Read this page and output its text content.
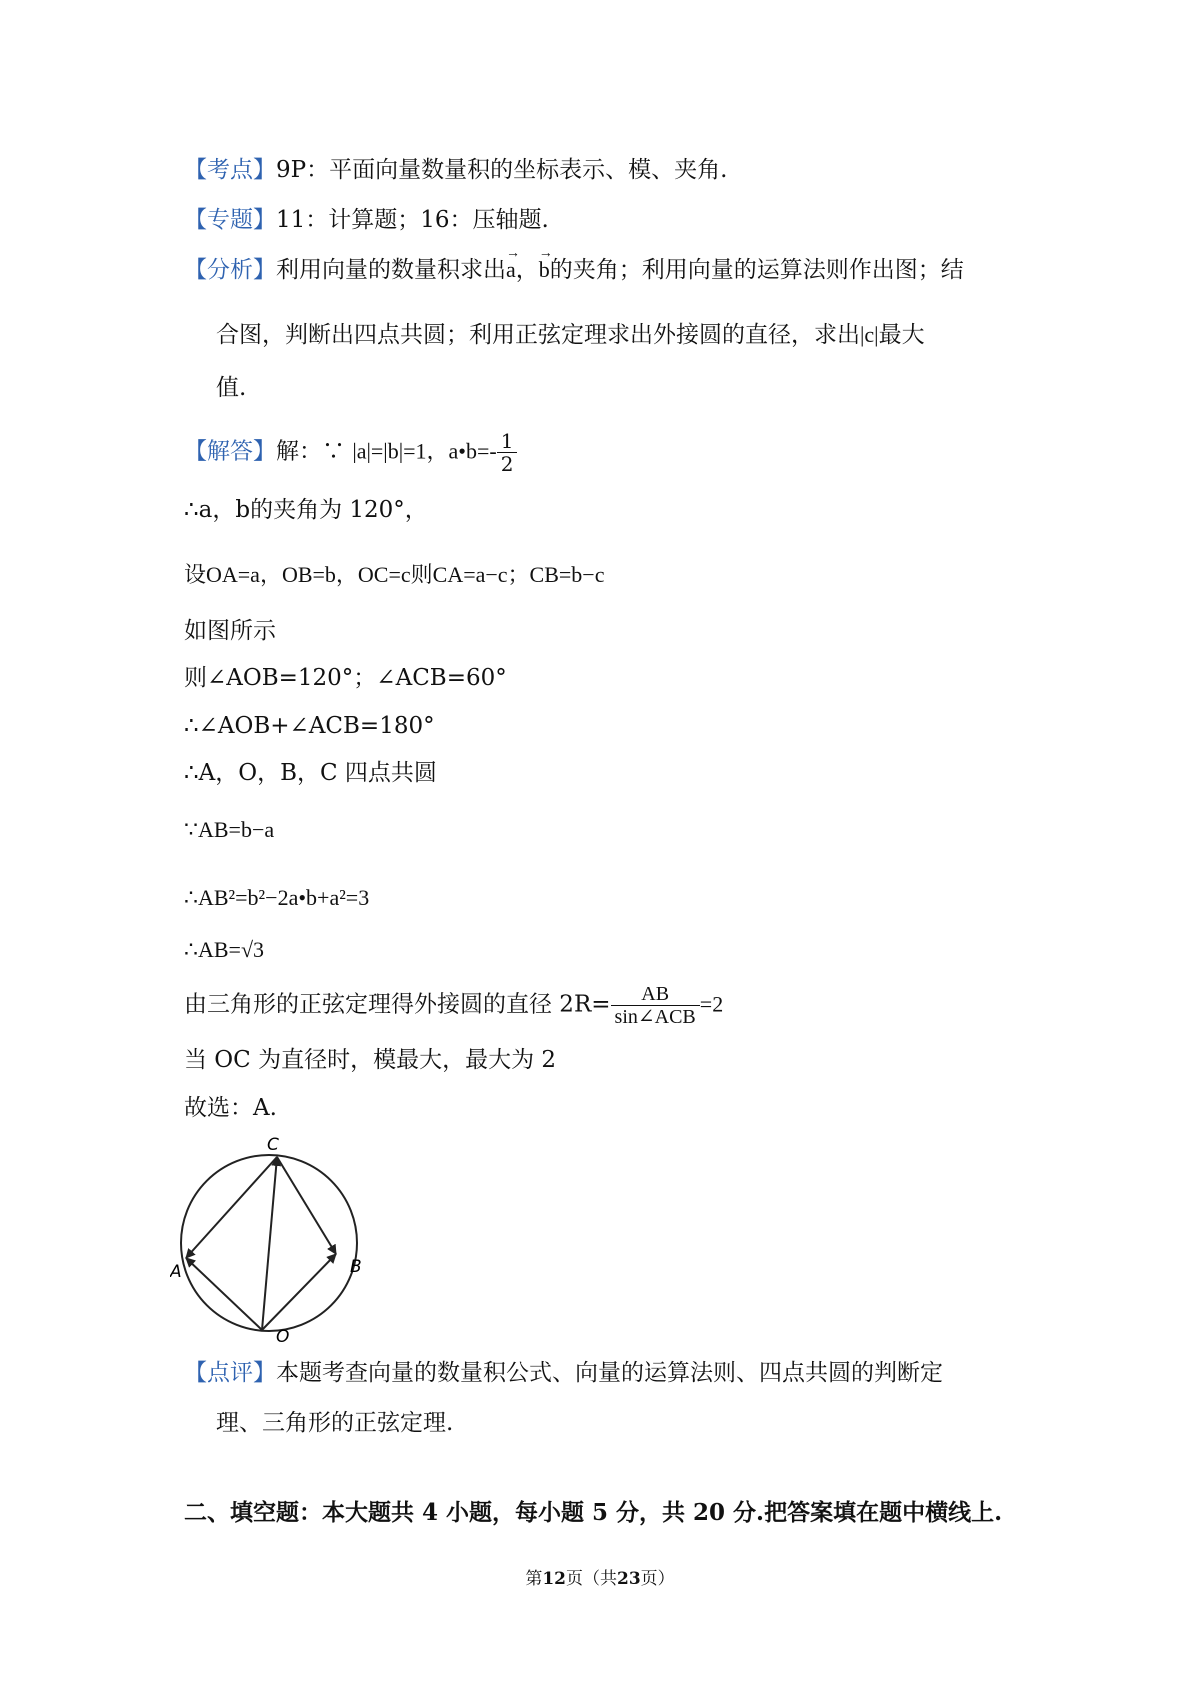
【考点】9P：平面向量数量积的坐标表示、模、夹角.
【专题】11：计算题；16：压轴题.
【分析】利用向量的数量积求出→ a，→ b的夹角；利用向量的运算法则作出图；结
合图，判断出四点共圆；利用正弦定理求出外接圆的直径，求出|c|最大
值.
【解答】解：∵ |a|=|b|=1，a•b=- $\frac{1}{2}$
∴a，b的夹角为 120°，
设OA=a，OB=b，OC=c则CA=a−c；CB=b−c
如图所示
则∠AOB=120°；∠ACB=60°
∴∠AOB+∠ACB=180°
∴A，O，B，C 四点共圆
∵AB=b−a
∴AB²=b²−2a•b+a²=3
∴AB=√3
由三角形的正弦定理得外接圆的直径 $2R= \frac{AB}{\text{sin∠ACB}} =2$
当 OC 为直径时，模最大，最大为 2
故选：A.
C
A	B
O
【点评】本题考查向量的数量积公式、向量的运算法则、四点共圆的判断定
理、三角形的正弦定理.
二、填空题：本大题共 4 小题，每小题 5 分，共 20 分.把答案填在题中横线上.
第12页（共23页）
